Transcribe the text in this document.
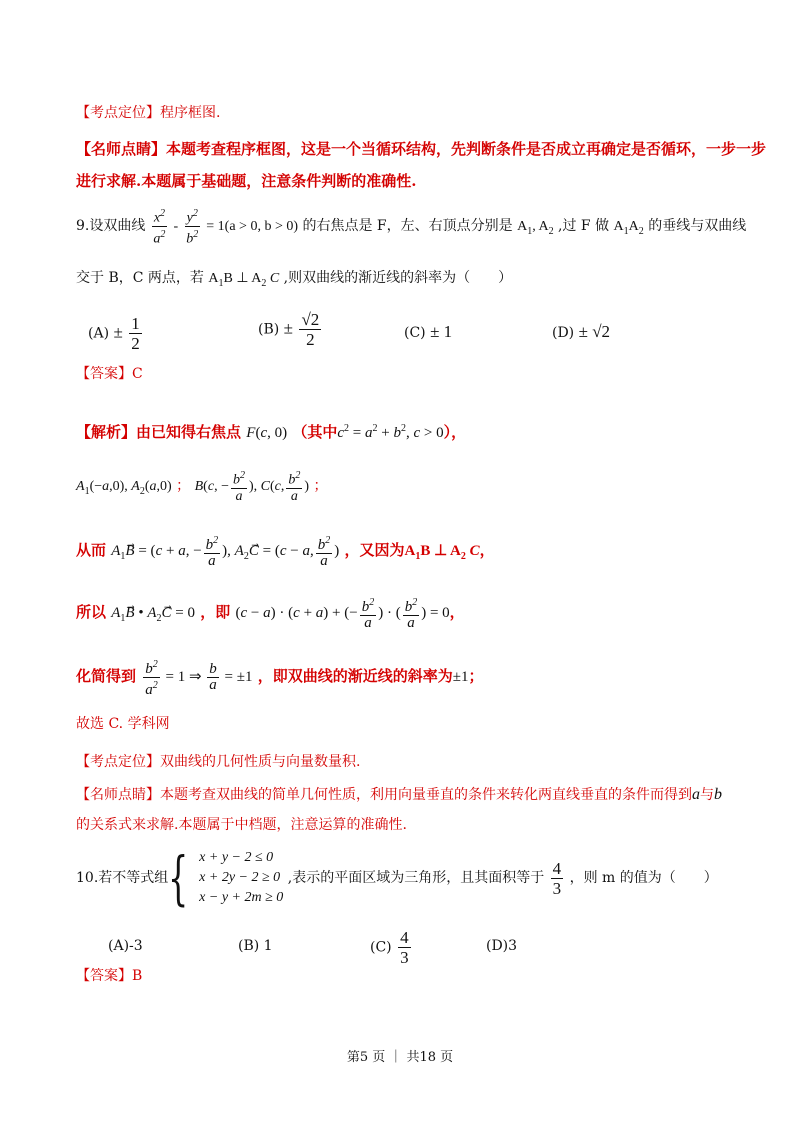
【考点定位】程序框图.
【名师点睛】本题考查程序框图，这是一个当循环结构，先判断条件是否成立再确定是否循环，一步一步
进行求解.本题属于基础题，注意条件判断的准确性.
9.设双曲线 $\frac{x^2}{a^2} - \frac{y^2}{b^2} = 1(a > 0$, b > 0) 的右焦点是 F，左、右顶点分别是 $A_1$, $A_2$ ,过 F 做 $A_1A_2$ 的垂线与双曲线
交于 B，C 两点，若 $A_1B$ ⊥ $A_2$ C ,则双曲线的渐近线的斜率为（　　）
$(A) \pm \frac{1}{2}$	$(B) \pm \frac{√2}{2}$	(C) ± 1	(D) ± √2
【答案】C
【解析】由已知得右焦点 F(c, 0) （其中$c^2 = a^2 + b^2$, c > 0），
$A_1(-a,0)$, $A_2(a,0)$ ； B(c, − $\frac{b^2}{a}$ ), C(c, $\frac{b^2}{a}$ ) ；
从而 $A_1B⃗ = (c + a$, − $\frac{b^2}{a}$ ), $A_2C⃗ = (c - a$, $\frac{b^2}{a}$ ) ，又因为$A_1B$ ⊥ $A_2$ C，
所以 $A_1B⃗$ • $A_2C⃗ = 0$ ，即 (c − a) · (c + a) + (− $\frac{b^2}{a}$ ) · ( $\frac{b^2}{a}$ ) = 0，
化简得到 $\frac{b^2}{a^2} = 1$ ⇒ $\frac{b}{a} = \pm 1$ ，即双曲线的渐近线的斜率为±1；
故选 C. 学科网
【考点定位】双曲线的几何性质与向量数量积.
【名师点睛】本题考查双曲线的简单几何性质，利用向量垂直的条件来转化两直线垂直的条件而得到a与b
的关系式来求解.本题属于中档题，注意运算的准确性.
10.若不等式组{ x + y − 2 ≤ 0
x + 2y − 2 ≥ 0
x − y + 2m ≥ 0
,表示的平面区域为三角形，且其面积等于 $\frac{4}{3}$ ，则 m 的值为（　　）
(A)-3	(B) 1	$(C) \frac{4}{3}$	(D)3
【答案】B
第5 页 ｜ 共18 页
